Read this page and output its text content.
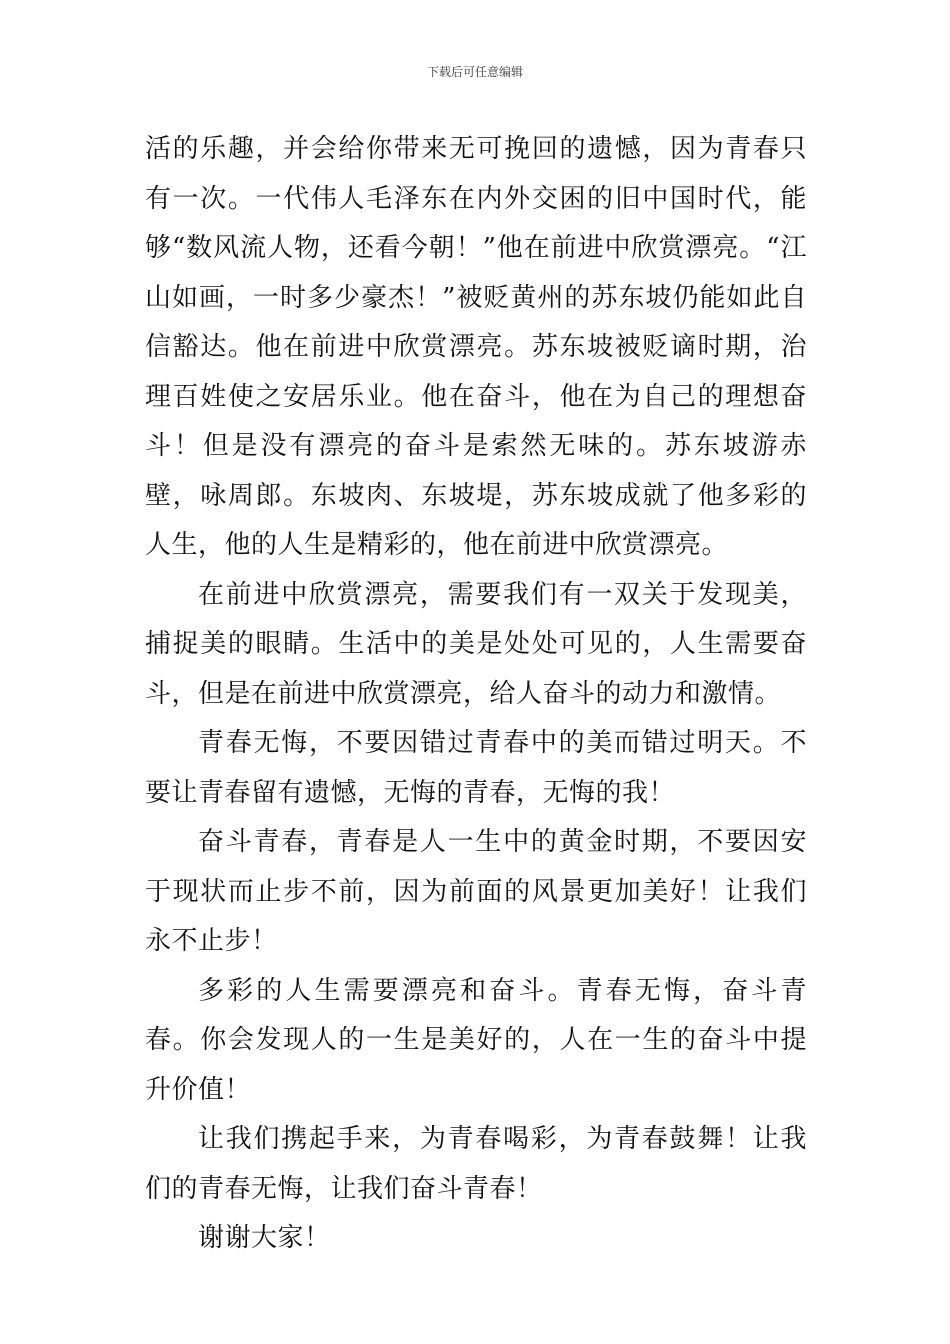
下载后可任意编辑

活的乐趣，并会给你带来无可挽回的遗憾，因为青春只有一次。一代伟人毛泽东在内外交困的旧中国时代，能够“数风流人物，还看今朝！”他在前进中欣赏漂亮。“江山如画，一时多少豪杰！”被贬黄州的苏东坡仍能如此自信豁达。他在前进中欣赏漂亮。苏东坡被贬谪时期，治理百姓使之安居乐业。他在奋斗，他在为自己的理想奋斗！但是没有漂亮的奋斗是索然无味的。苏东坡游赤壁，咏周郎。东坡肉、东坡堤，苏东坡成就了他多彩的人生，他的人生是精彩的，他在前进中欣赏漂亮。

在前进中欣赏漂亮，需要我们有一双关于发现美，捕捉美的眼睛。生活中的美是处处可见的，人生需要奋斗，但是在前进中欣赏漂亮，给人奋斗的动力和激情。

青春无悔，不要因错过青春中的美而错过明天。不要让青春留有遗憾，无悔的青春，无悔的我！

奋斗青春，青春是人一生中的黄金时期，不要因安于现状而止步不前，因为前面的风景更加美好！让我们永不止步！

多彩的人生需要漂亮和奋斗。青春无悔，奋斗青春。你会发现人的一生是美好的，人在一生的奋斗中提升价值！

让我们携起手来，为青春喝彩，为青春鼓舞！让我们的青春无悔，让我们奋斗青春！

谢谢大家！
